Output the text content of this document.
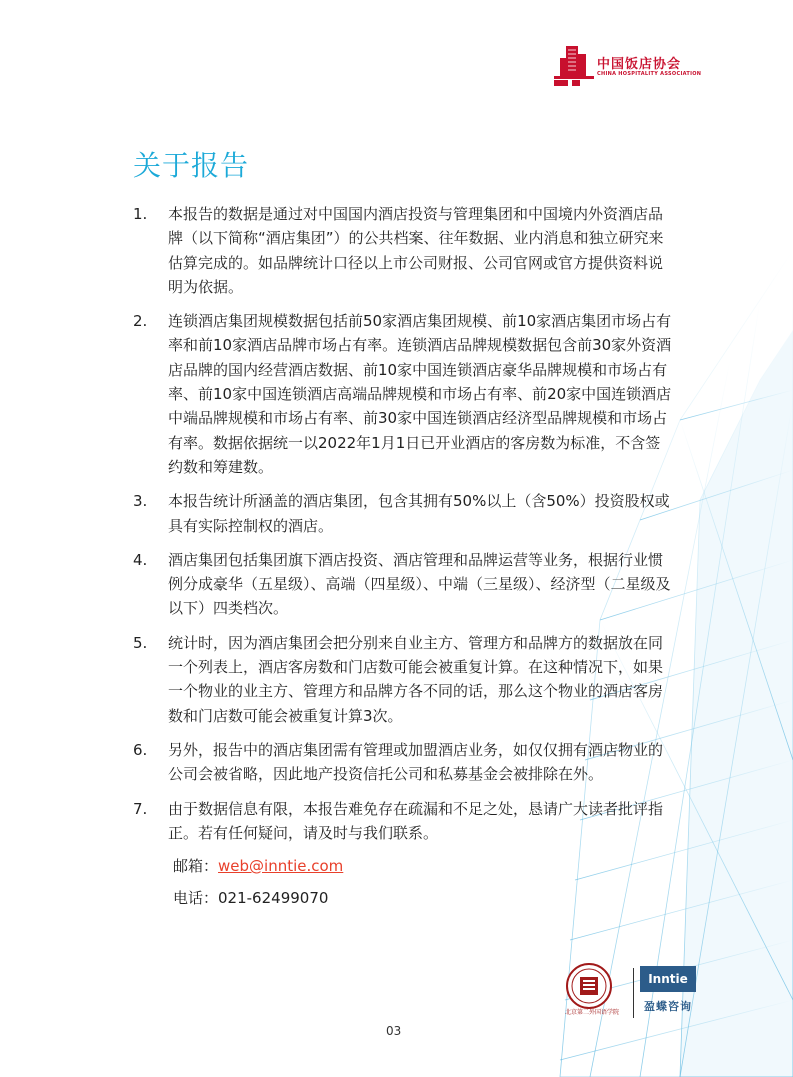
中国饭店协会
CHINA HOSPITALITY ASSOCIATION
关于报告
1. 本报告的数据是通过对中国国内酒店投资与管理集团和中国境内外资酒店品牌（以下简称“酒店集团”）的公共档案、往年数据、业内消息和独立研究来估算完成的。如品牌统计口径以上市公司财报、公司官网或官方提供资料说明为依据。
2. 连锁酒店集团规模数据包括前50家酒店集团规模、前10家酒店集团市场占有率和前10家酒店品牌市场占有率。连锁酒店品牌规模数据包含前30家外资酒店品牌的国内经营酒店数据、前10家中国连锁酒店豪华品牌规模和市场占有率、前10家中国连锁酒店高端品牌规模和市场占有率、前20家中国连锁酒店中端品牌规模和市场占有率、前30家中国连锁酒店经济型品牌规模和市场占有率。数据依据统一以2022年1月1日已开业酒店的客房数为标准，不含签约数和筹建数。
3. 本报告统计所涵盖的酒店集团，包含其拥有50%以上（含50%）投资股权或具有实际控制权的酒店。
4. 酒店集团包括集团旗下酒店投资、酒店管理和品牌运营等业务，根据行业惯例分成豪华（五星级）、高端（四星级）、中端（三星级）、经济型（二星级及以下）四类档次。
5. 统计时，因为酒店集团会把分别来自业主方、管理方和品牌方的数据放在同一个列表上，酒店客房数和门店数可能会被重复计算。在这种情况下，如果一个物业的业主方、管理方和品牌方各不同的话，那么这个物业的酒店客房数和门店数可能会被重复计算3次。
6. 另外，报告中的酒店集团需有管理或加盟酒店业务，如仅仅拥有酒店物业的公司会被省略，因此地产投资信托公司和私募基金会被排除在外。
7. 由于数据信息有限，本报告难免存在疏漏和不足之处，恳请广大读者批评指正。若有任何疑问，请及时与我们联系。
邮箱：web@inntie.com
电话：021-62499070
北京第二外国语学院
Inntie
盈蝶咨询
03
